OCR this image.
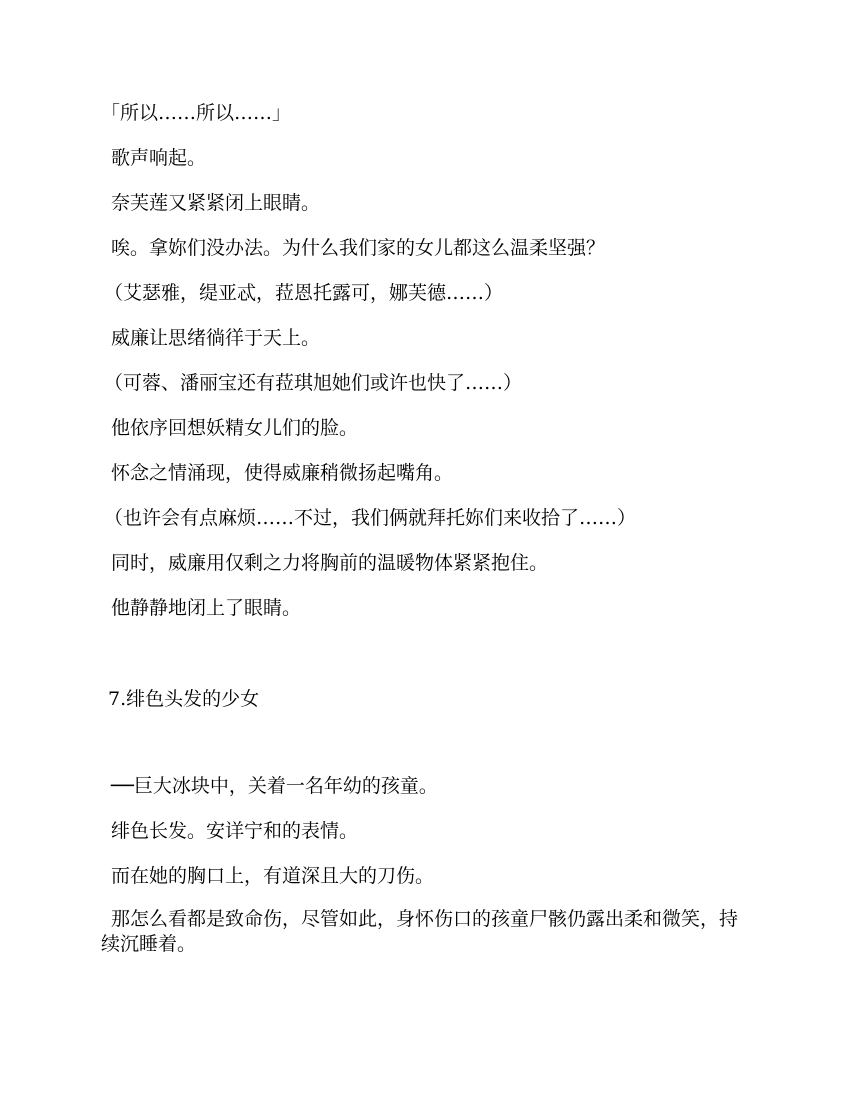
「所以……所以……」
歌声响起。
奈芙莲又紧紧闭上眼睛。
唉。拿妳们没办法。为什么我们家的女儿都这么温柔坚强？
（艾瑟雅，缇亚忒，菈恩托露可，娜芙德……）
威廉让思绪徜徉于天上。
（可蓉、潘丽宝还有菈琪旭她们或许也快了……）
他依序回想妖精女儿们的脸。
怀念之情涌现，使得威廉稍微扬起嘴角。
（也许会有点麻烦……不过，我们俩就拜托妳们来收拾了……）
同时，威廉用仅剩之力将胸前的温暖物体紧紧抱住。
他静静地闭上了眼睛。
7.绯色头发的少女
──巨大冰块中，关着一名年幼的孩童。
绯色长发。安详宁和的表情。
而在她的胸口上，有道深且大的刀伤。
那怎么看都是致命伤，尽管如此，身怀伤口的孩童尸骸仍露出柔和微笑，持续沉睡着。
